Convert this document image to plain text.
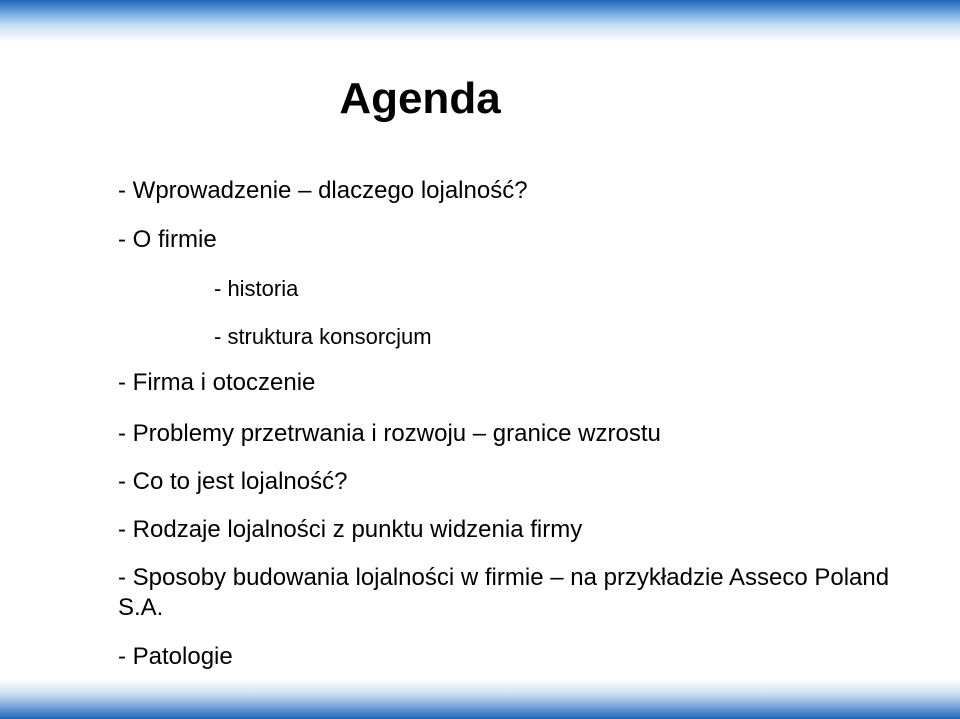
Agenda
- Wprowadzenie – dlaczego lojalność?
- O firmie
- historia
- struktura konsorcjum
- Firma i otoczenie
- Problemy przetrwania i rozwoju – granice wzrostu
- Co to jest lojalność?
- Rodzaje lojalności z punktu widzenia firmy
- Sposoby budowania lojalności w firmie – na przykładzie Asseco Poland S.A.
- Patologie
